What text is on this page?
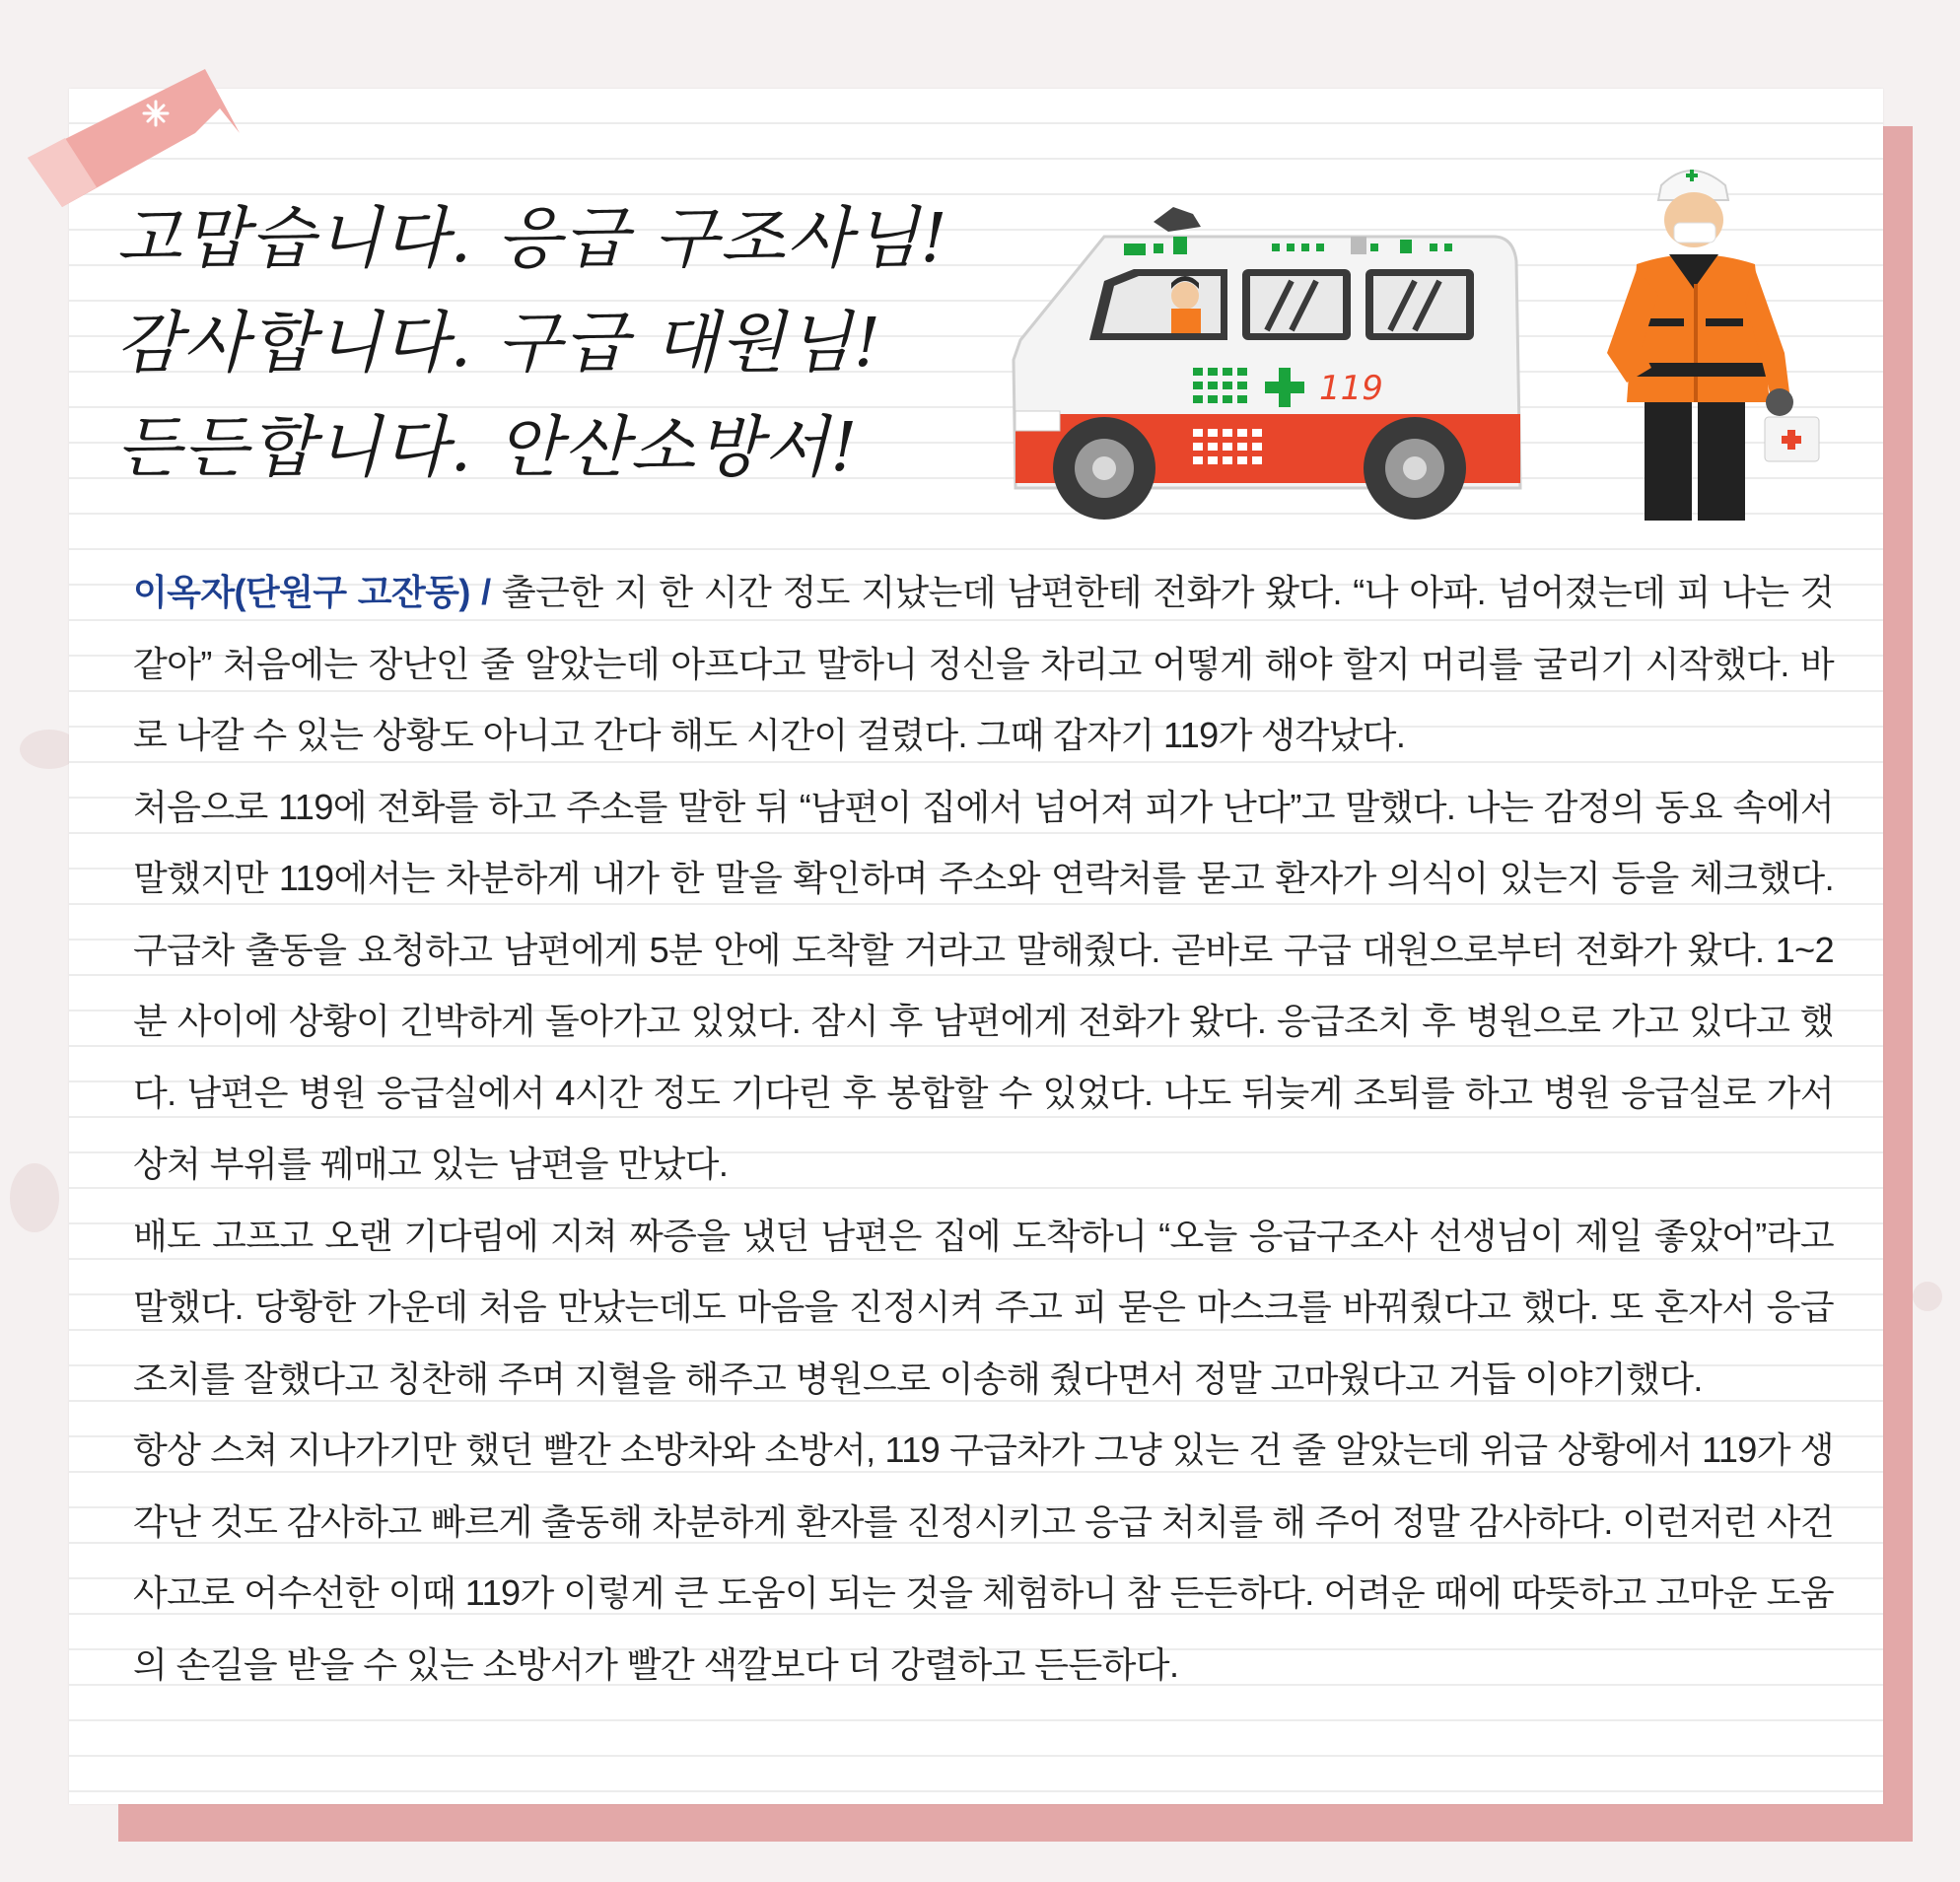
고맙습니다. 응급 구조사님!
감사합니다. 구급 대원님!
든든합니다. 안산소방서!
119

이옥자(단원구 고잔동) / 출근한 지 한 시간 정도 지났는데 남편한테 전화가 왔다. “나 아파. 넘어졌는데 피 나는 것 같아” 처음에는 장난인 줄 알았는데 아프다고 말하니 정신을 차리고 어떻게 해야 할지 머리를 굴리기 시작했다. 바로 나갈 수 있는 상황도 아니고 간다 해도 시간이 걸렸다. 그때 갑자기 119가 생각났다.

처음으로 119에 전화를 하고 주소를 말한 뒤 “남편이 집에서 넘어져 피가 난다”고 말했다. 나는 감정의 동요 속에서 말했지만 119에서는 차분하게 내가 한 말을 확인하며 주소와 연락처를 묻고 환자가 의식이 있는지 등을 체크했다. 구급차 출동을 요청하고 남편에게 5분 안에 도착할 거라고 말해줬다. 곧바로 구급 대원으로부터 전화가 왔다. 1~2분 사이에 상황이 긴박하게 돌아가고 있었다. 잠시 후 남편에게 전화가 왔다. 응급조치 후 병원으로 가고 있다고 했다. 남편은 병원 응급실에서 4시간 정도 기다린 후 봉합할 수 있었다. 나도 뒤늦게 조퇴를 하고 병원 응급실로 가서 상처 부위를 꿰매고 있는 남편을 만났다.

배도 고프고 오랜 기다림에 지쳐 짜증을 냈던 남편은 집에 도착하니 “오늘 응급구조사 선생님이 제일 좋았어”라고 말했다. 당황한 가운데 처음 만났는데도 마음을 진정시켜 주고 피 묻은 마스크를 바꿔줬다고 했다. 또 혼자서 응급조치를 잘했다고 칭찬해 주며 지혈을 해주고 병원으로 이송해 줬다면서 정말 고마웠다고 거듭 이야기했다.

항상 스쳐 지나가기만 했던 빨간 소방차와 소방서, 119 구급차가 그냥 있는 건 줄 알았는데 위급 상황에서 119가 생각난 것도 감사하고 빠르게 출동해 차분하게 환자를 진정시키고 응급 처치를 해 주어 정말 감사하다. 이런저런 사건사고로 어수선한 이때 119가 이렇게 큰 도움이 되는 것을 체험하니 참 든든하다. 어려운 때에 따뜻하고 고마운 도움의 손길을 받을 수 있는 소방서가 빨간 색깔보다 더 강렬하고 든든하다.
